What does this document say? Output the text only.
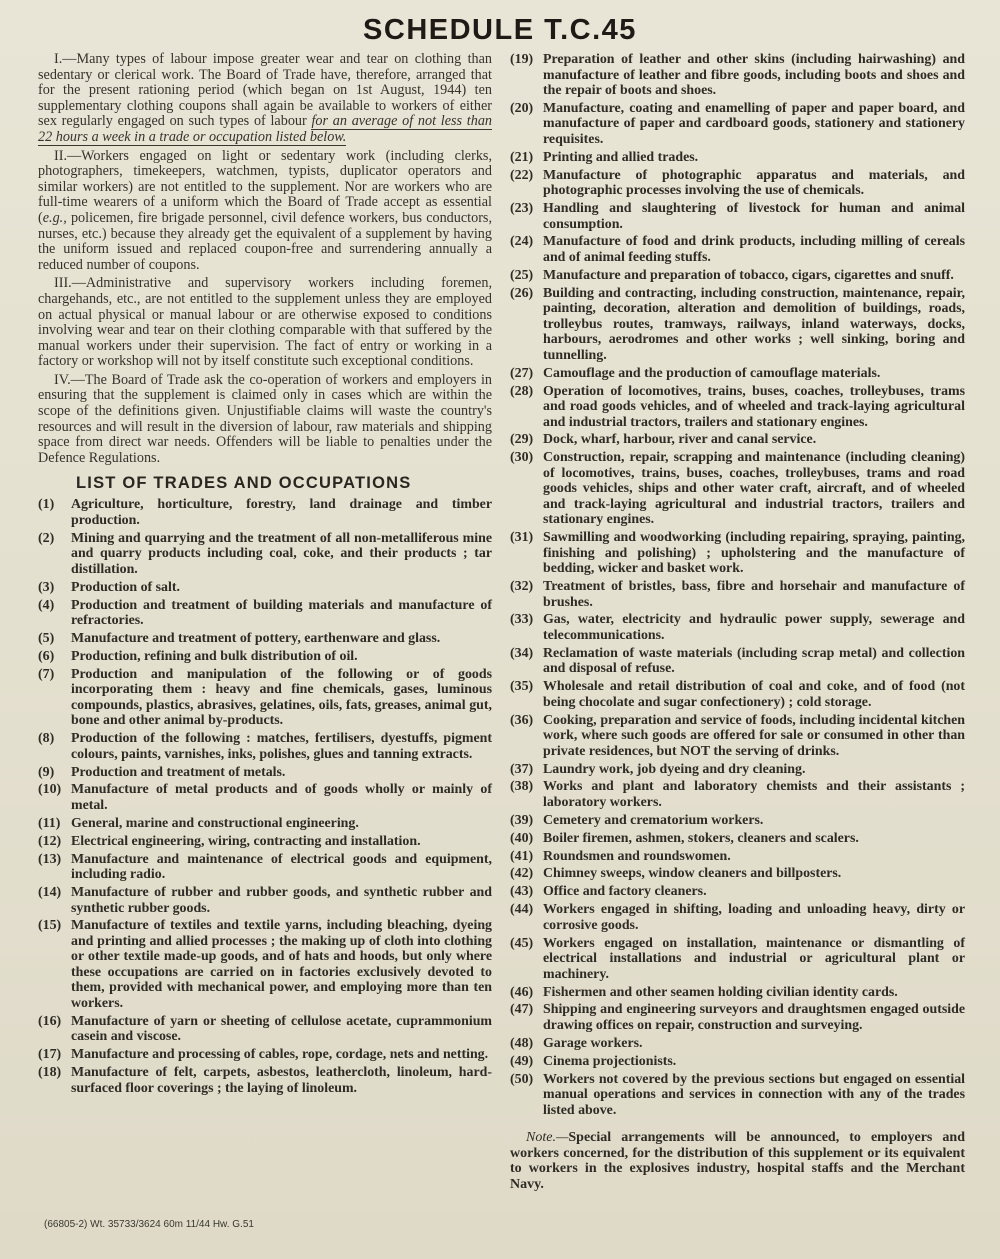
SCHEDULE T.C.45

I.—Many types of labour impose greater wear and tear on clothing than sedentary or clerical work. The Board of Trade have, therefore, arranged that for the present rationing period (which began on 1st August, 1944) ten supplementary clothing coupons shall again be available to workers of either sex regularly engaged on such types of labour for an average of not less than 22 hours a week in a trade or occupation listed below.

II.—Workers engaged on light or sedentary work (including clerks, photographers, timekeepers, watchmen, typists, duplicator operators and similar workers) are not entitled to the supplement. Nor are workers who are full-time wearers of a uniform which the Board of Trade accept as essential (e.g., policemen, fire brigade personnel, civil defence workers, bus conductors, nurses, etc.) because they already get the equivalent of a supplement by having the uniform issued and replaced coupon-free and surrendering annually a reduced number of coupons.

III.—Administrative and supervisory workers including foremen, chargehands, etc., are not entitled to the supplement unless they are employed on actual physical or manual labour or are otherwise exposed to conditions involving wear and tear on their clothing comparable with that suffered by the manual workers under their supervision. The fact of entry or working in a factory or workshop will not by itself constitute such exceptional conditions.

IV.—The Board of Trade ask the co-operation of workers and employers in ensuring that the supplement is claimed only in cases which are within the scope of the definitions given. Unjustifiable claims will waste the country's resources and will result in the diversion of labour, raw materials and shipping space from direct war needs. Offenders will be liable to penalties under the Defence Regulations.

LIST OF TRADES AND OCCUPATIONS
(1)	Agriculture, horticulture, forestry, land drainage and timber production.
(2)	Mining and quarrying and the treatment of all non-metalliferous mine and quarry products including coal, coke, and their products ; tar distillation.
(3)	Production of salt.
(4)	Production and treatment of building materials and manufacture of refractories.
(5)	Manufacture and treatment of pottery, earthenware and glass.
(6)	Production, refining and bulk distribution of oil.
(7)	Production and manipulation of the following or of goods incorporating them : heavy and fine chemicals, gases, luminous compounds, plastics, abrasives, gelatines, oils, fats, greases, animal gut, bone and other animal by-products.
(8)	Production of the following : matches, fertilisers, dyestuffs, pigment colours, paints, varnishes, inks, polishes, glues and tanning extracts.
(9)	Production and treatment of metals.
(10) Manufacture of metal products and of goods wholly or mainly of metal.
(11) General, marine and constructional engineering.
(12) Electrical engineering, wiring, contracting and installation.
(13) Manufacture and maintenance of electrical goods and equipment, including radio.
(14) Manufacture of rubber and rubber goods, and synthetic rubber and synthetic rubber goods.
(15) Manufacture of textiles and textile yarns, including bleaching, dyeing and printing and allied processes ; the making up of cloth into clothing or other textile made-up goods, and of hats and hoods, but only where these occupations are carried on in factories exclusively devoted to them, provided with mechanical power, and employing more than ten workers.
(16) Manufacture of yarn or sheeting of cellulose acetate, cuprammonium casein and viscose.
(17) Manufacture and processing of cables, rope, cordage, nets and netting.
(18) Manufacture of felt, carpets, asbestos, leathercloth, linoleum, hard-surfaced floor coverings ; the laying of linoleum.
(19) Preparation of leather and other skins (including hairwashing) and manufacture of leather and fibre goods, including boots and shoes and the repair of boots and shoes.
(20) Manufacture, coating and enamelling of paper and paper board, and manufacture of paper and cardboard goods, stationery and stationery requisites.
(21) Printing and allied trades.
(22) Manufacture of photographic apparatus and materials, and photographic processes involving the use of chemicals.
(23) Handling and slaughtering of livestock for human and animal consumption.
(24) Manufacture of food and drink products, including milling of cereals and of animal feeding stuffs.
(25) Manufacture and preparation of tobacco, cigars, cigarettes and snuff.
(26) Building and contracting, including construction, maintenance, repair, painting, decoration, alteration and demolition of buildings, roads, trolleybus routes, tramways, railways, inland waterways, docks, harbours, aerodromes and other works ; well sinking, boring and tunnelling.
(27) Camouflage and the production of camouflage materials.
(28) Operation of locomotives, trains, buses, coaches, trolleybuses, trams and road goods vehicles, and of wheeled and track-laying agricultural and industrial tractors, trailers and stationary engines.
(29) Dock, wharf, harbour, river and canal service.
(30) Construction, repair, scrapping and maintenance (including cleaning) of locomotives, trains, buses, coaches, trolleybuses, trams and road goods vehicles, ships and other water craft, aircraft, and of wheeled and track-laying agricultural and industrial tractors, trailers and stationary engines.
(31) Sawmilling and woodworking (including repairing, spraying, painting, finishing and polishing) ; upholstering and the manufacture of bedding, wicker and basket work.
(32) Treatment of bristles, bass, fibre and horsehair and manufacture of brushes.
(33) Gas, water, electricity and hydraulic power supply, sewerage and telecommunications.
(34) Reclamation of waste materials (including scrap metal) and collection and disposal of refuse.
(35) Wholesale and retail distribution of coal and coke, and of food (not being chocolate and sugar confectionery) ; cold storage.
(36) Cooking, preparation and service of foods, including incidental kitchen work, where such goods are offered for sale or consumed in other than private residences, but NOT the serving of drinks.
(37) Laundry work, job dyeing and dry cleaning.
(38) Works and plant and laboratory chemists and their assistants ; laboratory workers.
(39) Cemetery and crematorium workers.
(40) Boiler firemen, ashmen, stokers, cleaners and scalers.
(41) Roundsmen and roundswomen.
(42) Chimney sweeps, window cleaners and billposters.
(43) Office and factory cleaners.
(44) Workers engaged in shifting, loading and unloading heavy, dirty or corrosive goods.
(45) Workers engaged on installation, maintenance or dismantling of electrical installations and industrial or agricultural plant or machinery.
(46) Fishermen and other seamen holding civilian identity cards.
(47) Shipping and engineering surveyors and draughtsmen engaged outside drawing offices on repair, construction and surveying.
(48) Garage workers.
(49) Cinema projectionists.
(50) Workers not covered by the previous sections but engaged on essential manual operations and services in connection with any of the trades listed above.

Note.—Special arrangements will be announced, to employers and workers concerned, for the distribution of this supplement or its equivalent to workers in the explosives industry, hospital staffs and the Merchant Navy.

(66805-2) Wt. 35733/3624 60m 11/44 Hw. G.51
